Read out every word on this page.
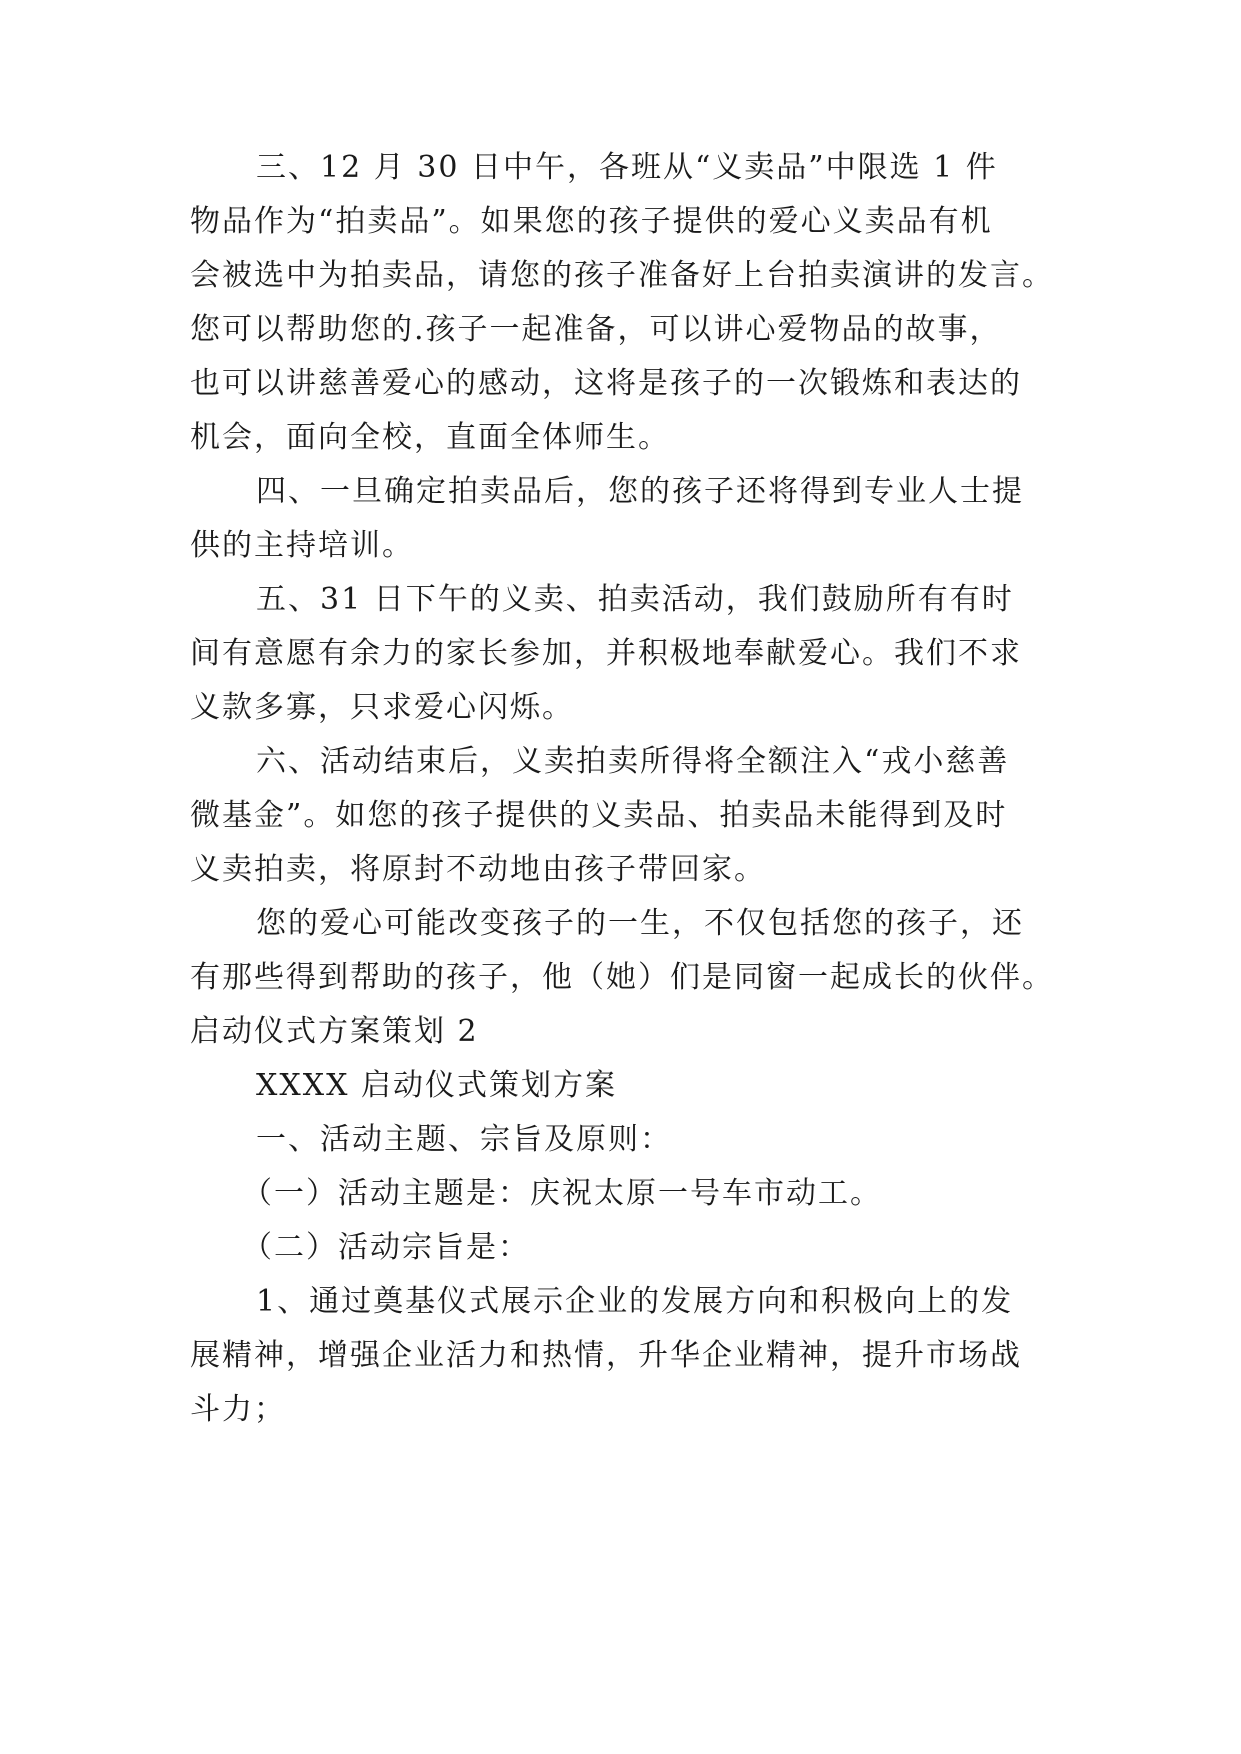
三、12 月 30 日中午，各班从“义卖品”中限选 1 件
物品作为“拍卖品”。如果您的孩子提供的爱心义卖品有机
会被选中为拍卖品，请您的孩子准备好上台拍卖演讲的发言。
您可以帮助您的.孩子一起准备，可以讲心爱物品的故事，
也可以讲慈善爱心的感动，这将是孩子的一次锻炼和表达的
机会，面向全校，直面全体师生。
四、一旦确定拍卖品后，您的孩子还将得到专业人士提
供的主持培训。
五、31 日下午的义卖、拍卖活动，我们鼓励所有有时
间有意愿有余力的家长参加，并积极地奉献爱心。我们不求
义款多寡，只求爱心闪烁。
六、活动结束后，义卖拍卖所得将全额注入“戎小慈善
微基金”。如您的孩子提供的义卖品、拍卖品未能得到及时
义卖拍卖，将原封不动地由孩子带回家。
您的爱心可能改变孩子的一生，不仅包括您的孩子，还
有那些得到帮助的孩子，他（她）们是同窗一起成长的伙伴。
启动仪式方案策划 2
XXXX 启动仪式策划方案
一、活动主题、宗旨及原则：
（一）活动主题是：庆祝太原一号车市动工。
（二）活动宗旨是：
1、通过奠基仪式展示企业的发展方向和积极向上的发
展精神，增强企业活力和热情，升华企业精神，提升市场战
斗力；
